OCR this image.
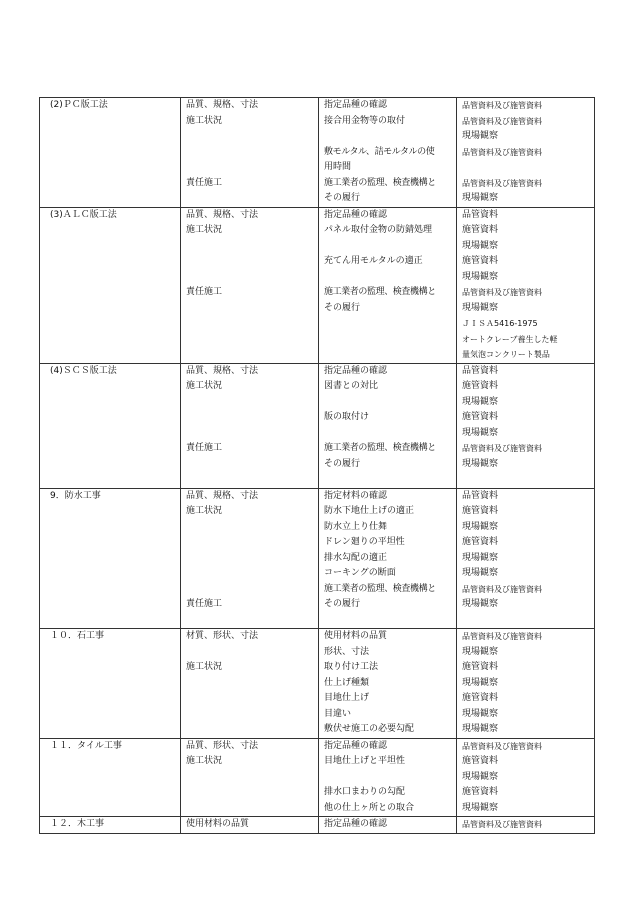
(2)ＰＣ版工法	品質、規格、寸法	指定品種の確認	品管資料及び施管資料

	施工状況	接合用金物等の取付	品管資料及び施管資料

			現場観察

		敷モルタル、詰モルタルの使	品管資料及び施管資料

		用時間	

	責任施工	施工業者の監理、検査機構と	品管資料及び施管資料

		その履行	現場観察

(3)ＡＬＣ版工法	品質、規格、寸法	指定品種の確認	品管資料

	施工状況	パネル取付金物の防錆処理	施管資料

			現場観察

		充てん用モルタルの適正	施管資料

			現場観察

	責任施工	施工業者の監理、検査機構と	品管資料及び施管資料

		その履行	現場観察

			ＪＩＳＡ5416-1975

			オートクレーブ養生した軽

			量気泡コンクリート製品

(4)ＳＣＳ版工法	品質、規格、寸法	指定品種の確認	品管資料

	施工状況	図書との対比	施管資料

			現場観察

		版の取付け	施管資料

			現場観察

	責任施工	施工業者の監理、検査機構と	品管資料及び施管資料

		その履行	現場観察

9．防水工事	品質、規格、寸法	指定材料の確認	品管資料

	施工状況	防水下地仕上げの適正	施管資料

		防水立上り仕舞	現場観察

		ドレン廻りの平坦性	施管資料

		排水勾配の適正	現場観察

		コーキングの断面	現場観察

		施工業者の監理、検査機構と	品管資料及び施管資料

	責任施工	その履行	現場観察

１０．石工事	材質、形状、寸法	使用材料の品質	品管資料及び施管資料

		形状、寸法	現場観察

	施工状況	取り付け工法	施管資料

		仕上げ種類	現場観察

		目地仕上げ	施管資料

		目違い	現場観察

		敷伏せ施工の必要勾配	現場観察

１１．タイル工事	品質、形状、寸法	指定品種の確認	品管資料及び施管資料

	施工状況	目地仕上げと平坦性	施管資料

			現場観察

		排水口まわりの勾配	施管資料

		他の仕上ヶ所との取合	現場観察

１２．木工事	使用材料の品質	指定品種の確認	品管資料及び施管資料
